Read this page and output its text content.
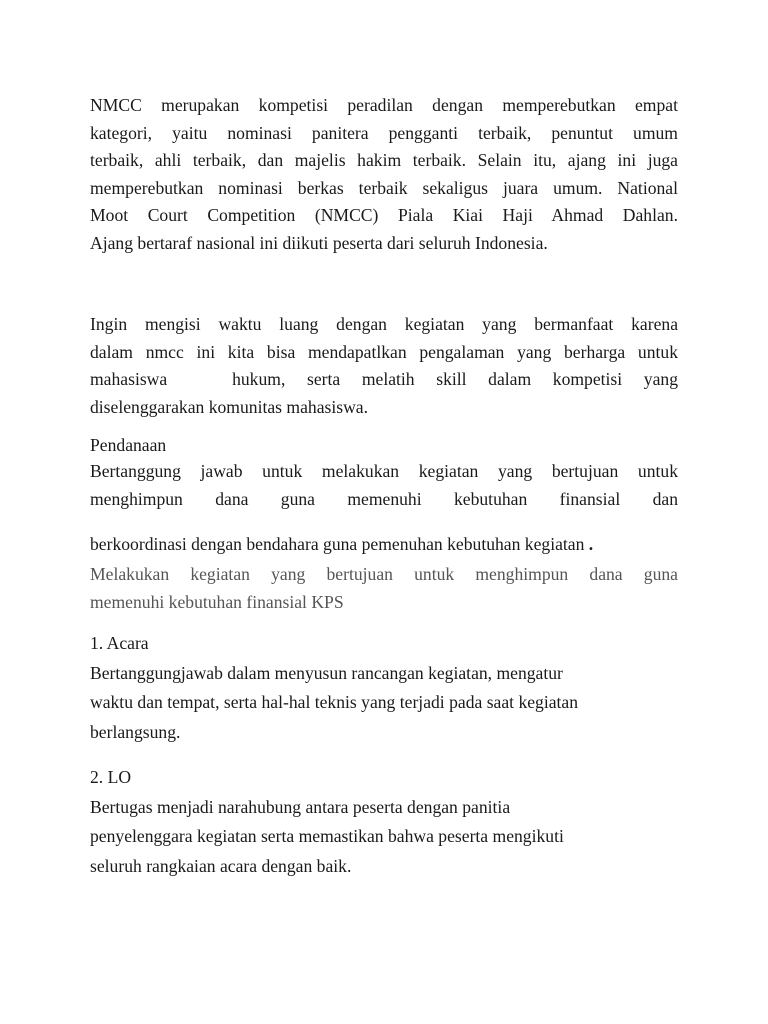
NMCC merupakan kompetisi peradilan dengan memperebutkan empat
kategori, yaitu nominasi panitera pengganti terbaik, penuntut umum
terbaik, ahli terbaik, dan majelis hakim terbaik. Selain itu, ajang ini juga
memperebutkan nominasi berkas terbaik sekaligus juara umum. National
Moot Court Competition (NMCC) Piala Kiai Haji Ahmad Dahlan.
Ajang bertaraf nasional ini diikuti peserta dari seluruh Indonesia.
Ingin mengisi waktu luang dengan kegiatan yang bermanfaat karena
dalam nmcc ini kita bisa mendapatlkan pengalaman yang berharga untuk
mahasiswa   hukum, serta melatih skill dalam kompetisi yang
diselenggarakan komunitas mahasiswa.
Pendanaan
Bertanggung jawab untuk melakukan kegiatan yang bertujuan untuk
menghimpun dana guna memenuhi kebutuhan finansial dan
berkoordinasi dengan bendahara guna pemenuhan kebutuhan kegiatan .
Melakukan kegiatan yang bertujuan untuk menghimpun dana guna
memenuhi kebutuhan finansial KPS
1. Acara
Bertanggungjawab dalam menyusun rancangan kegiatan, mengatur
waktu dan tempat, serta hal-hal teknis yang terjadi pada saat kegiatan
berlangsung.
2. LO
Bertugas menjadi narahubung antara peserta dengan panitia
penyelenggara kegiatan serta memastikan bahwa peserta mengikuti
seluruh rangkaian acara dengan baik.
